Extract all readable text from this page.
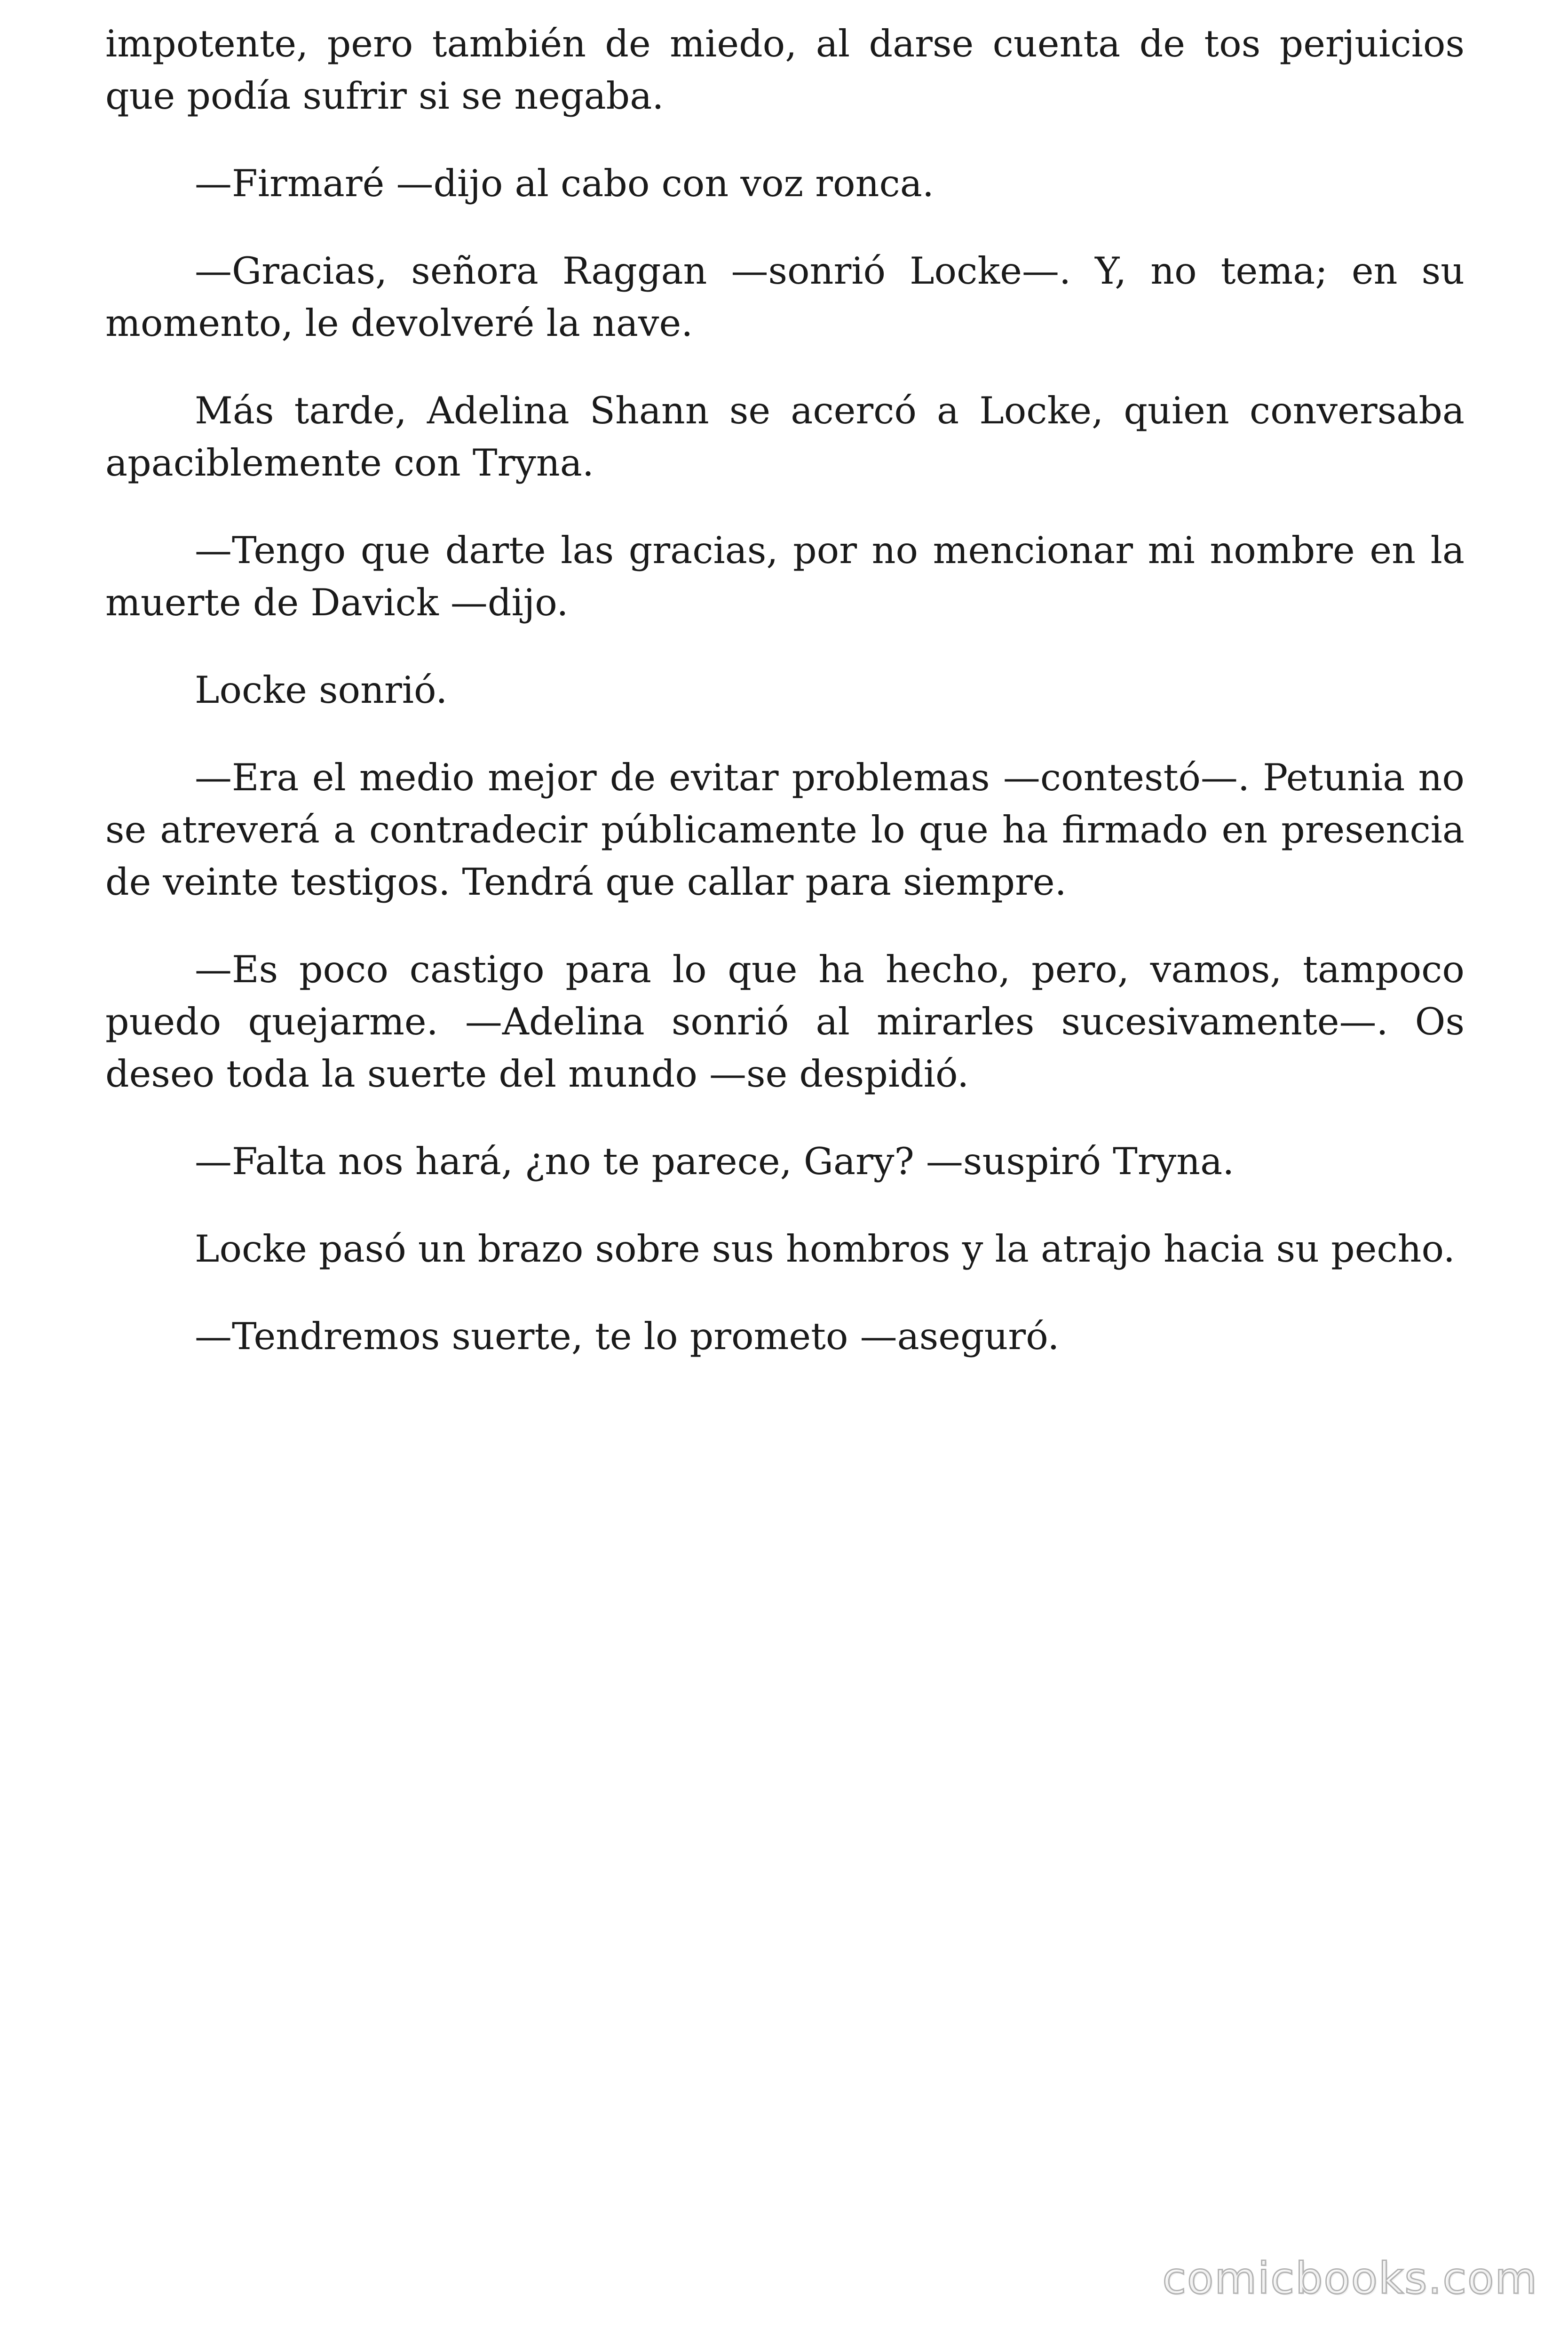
impotente, pero también de miedo, al darse cuenta de tos perjuicios que podía sufrir si se negaba.

—Firmaré —dijo al cabo con voz ronca.

—Gracias, señora Raggan —sonrió Locke—. Y, no tema; en su momento, le devolveré la nave.

Más tarde, Adelina Shann se acercó a Locke, quien conversaba apaciblemente con Tryna.

—Tengo que darte las gracias, por no mencionar mi nombre en la muerte de Davick —dijo.

Locke sonrió.

—Era el medio mejor de evitar problemas —contestó—. Petunia no se atreverá a contradecir públicamente lo que ha firmado en presencia de veinte testigos. Tendrá que callar para siempre.

—Es poco castigo para lo que ha hecho, pero, vamos, tampoco puedo quejarme. —Adelina sonrió al mirarles sucesivamente—. Os deseo toda la suerte del mundo —se despidió.

—Falta nos hará, ¿no te parece, Gary? —suspiró Tryna.

Locke pasó un brazo sobre sus hombros y la atrajo hacia su pecho.

—Tendremos suerte, te lo prometo —aseguró.

comicbooks.com
